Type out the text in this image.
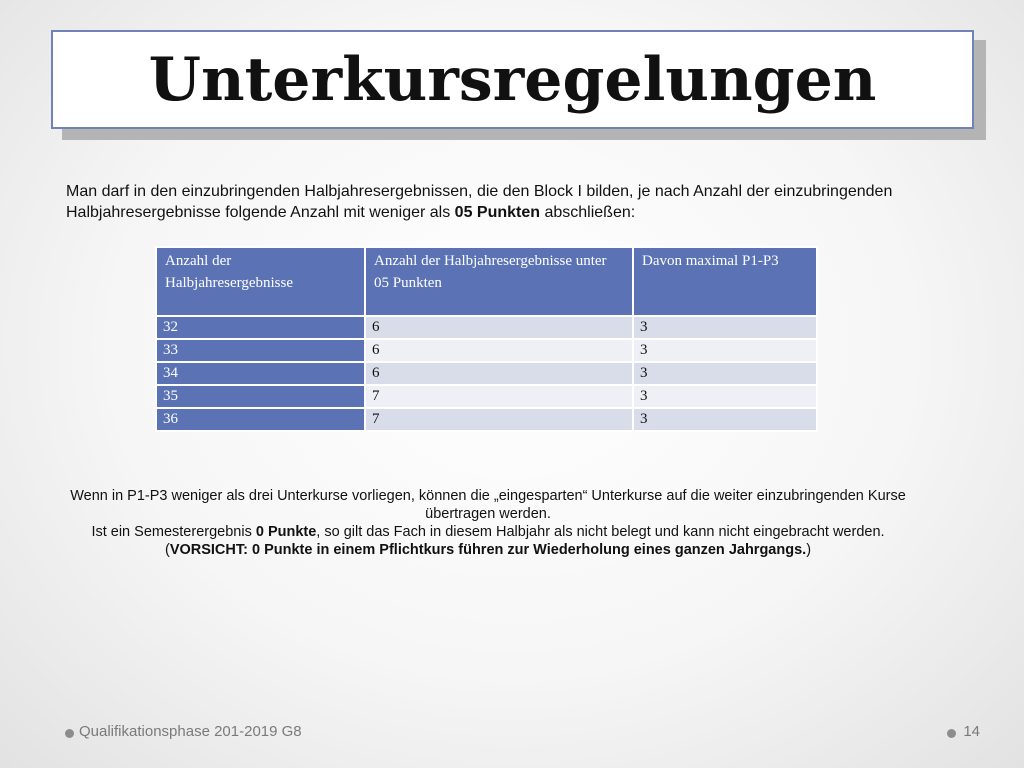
Unterkursregelungen
Man darf in den einzubringenden Halbjahresergebnissen, die den Block I bilden, je nach Anzahl der einzubringenden Halbjahresergebnisse folgende Anzahl mit weniger als 05 Punkten abschließen:
Anzahl der Halbjahresergebnisse	Anzahl der Halbjahresergebnisse unter 05 Punkten	Davon maximal P1-P3
32	6	3
33	6	3
34	6	3
35	7	3
36	7	3

Wenn in P1-P3 weniger als drei Unterkurse vorliegen, können die „eingesparten“ Unterkurse auf die weiter einzubringenden Kurse übertragen werden.

Ist ein Semesterergebnis 0 Punkte, so gilt das Fach in diesem Halbjahr als nicht belegt und kann nicht eingebracht werden.

(VORSICHT: 0 Punkte in einem Pflichtkurs führen zur Wiederholung eines ganzen Jahrgangs.)

Qualifikationsphase 201-2019 G8	14
